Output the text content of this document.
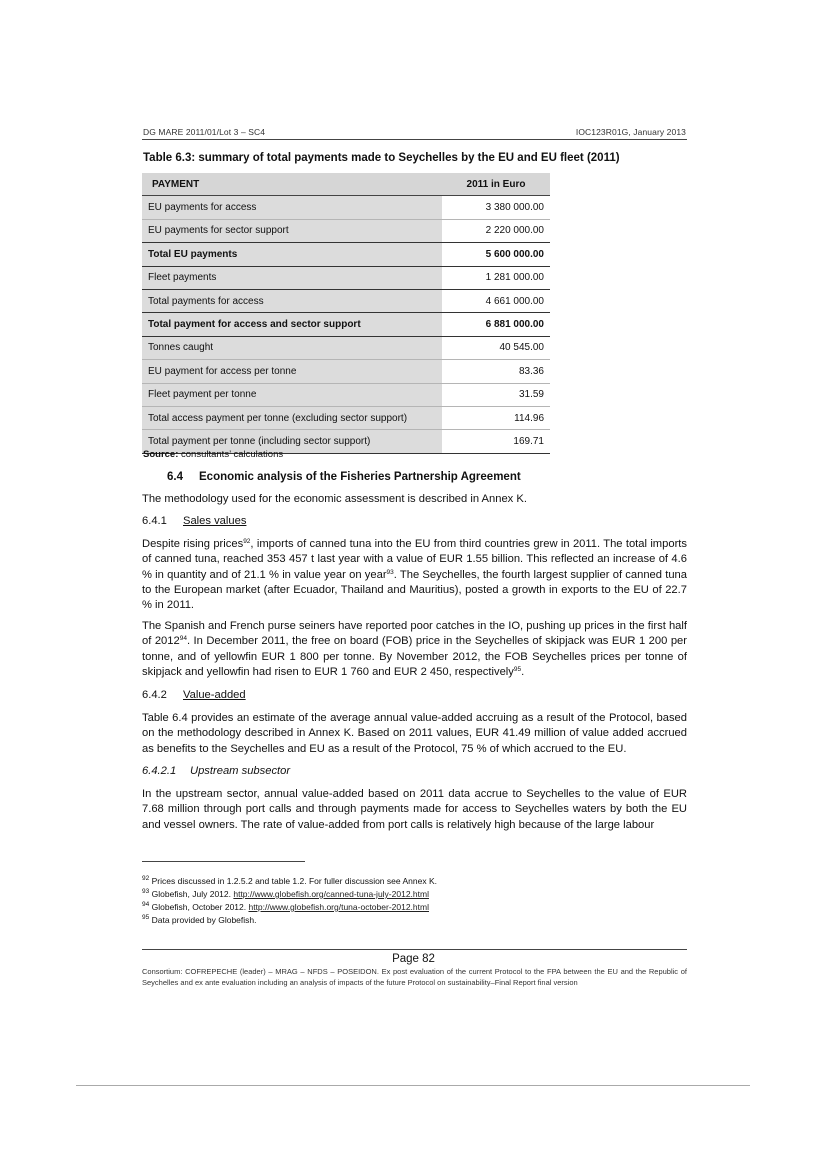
DG MARE 2011/01/Lot 3 – SC4	IOC123R01G, January 2013
Table 6.3: summary of total payments made to Seychelles by the EU and EU fleet (2011)
PAYMENT	2011 in Euro
EU payments for access	3 380 000.00
EU payments for sector support	2 220 000.00
Total EU payments	5 600 000.00
Fleet payments	1 281 000.00
Total payments for access	4 661 000.00
Total payment for access and sector support	6 881 000.00
Tonnes caught	40 545.00
EU payment for access per tonne	83.36
Fleet payment per tonne	31.59
Total access payment per tonne (excluding sector support)	114.96
Total payment per tonne (including sector support)	169.71
Source: consultants’ calculations
6.4 Economic analysis of the Fisheries Partnership Agreement
The methodology used for the economic assessment is described in Annex K.
6.4.1 Sales values
Despite rising prices$^{92}$, imports of canned tuna into the EU from third countries grew in 2011. The total imports of canned tuna, reached 353 457 t last year with a value of EUR 1.55 billion. This reflected an increase of 4.6 % in quantity and of 21.1 % in value year on year$^{93}$. The Seychelles, the fourth largest supplier of canned tuna to the European market (after Ecuador, Thailand and Mauritius), posted a growth in exports to the EU of 22.7 % in 2011.
The Spanish and French purse seiners have reported poor catches in the IO, pushing up prices in the first half of 2012$^{94}$. In December 2011, the free on board (FOB) price in the Seychelles of skipjack was EUR 1 200 per tonne, and of yellowfin EUR 1 800 per tonne. By November 2012, the FOB Seychelles prices per tonne of skipjack and yellowfin had risen to EUR 1 760 and EUR 2 450, respectively$^{95}$.
6.4.2 Value-added
Table 6.4 provides an estimate of the average annual value-added accruing as a result of the Protocol, based on the methodology described in Annex K. Based on 2011 values, EUR 41.49 million of value added accrued as benefits to the Seychelles and EU as a result of the Protocol, 75 % of which accrued to the EU.
6.4.2.1 Upstream subsector
In the upstream sector, annual value-added based on 2011 data accrue to Seychelles to the value of EUR 7.68 million through port calls and through payments made for access to Seychelles waters by both the EU and vessel owners. The rate of value-added from port calls is relatively high because of the large labour
$^{92}$ Prices discussed in 1.2.5.2 and table 1.2. For fuller discussion see Annex K.
$^{93}$ Globefish, July 2012. http://www.globefish.org/canned-tuna-july-2012.html
$^{94}$ Globefish, October 2012. http://www.globefish.org/tuna-october-2012.html
$^{95}$ Data provided by Globefish.
Page 82
Consortium: COFREPECHE (leader) – MRAG – NFDS – POSEIDON. Ex post evaluation of the current Protocol to the FPA between the EU and the Republic of Seychelles and ex ante evaluation including an analysis of impacts of the future Protocol on sustainability–Final Report final version
